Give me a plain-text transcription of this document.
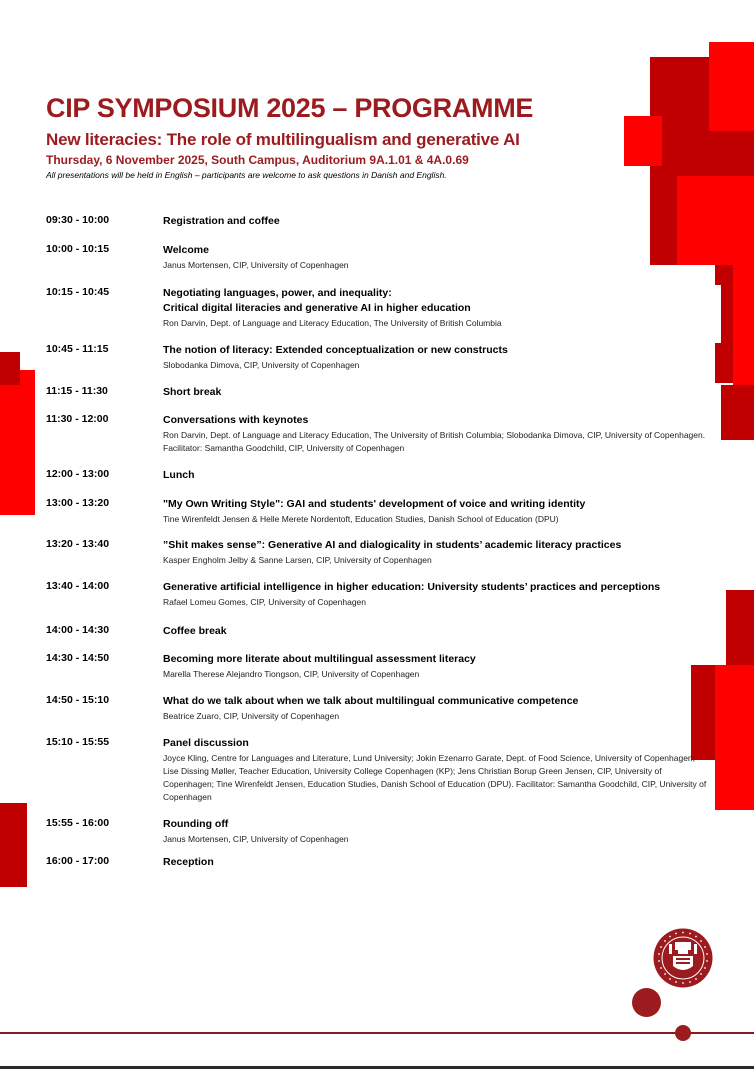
CIP SYMPOSIUM 2025 – PROGRAMME
New literacies: The role of multilingualism and generative AI
Thursday, 6 November 2025, South Campus, Auditorium 9A.1.01 & 4A.0.69
All presentations will be held in English – participants are welcome to ask questions in Danish and English.
09:30 - 10:00	Registration and coffee
10:00 - 10:15	Welcome
Janus Mortensen, CIP, University of Copenhagen
10:15 - 10:45	Negotiating languages, power, and inequality:
Critical digital literacies and generative AI in higher education
Ron Darvin, Dept. of Language and Literacy Education, The University of British Columbia
10:45 - 11:15	The notion of literacy: Extended conceptualization or new constructs
Slobodanka Dimova, CIP, University of Copenhagen
11:15 - 11:30	Short break
11:30 - 12:00	Conversations with keynotes
Ron Darvin, Dept. of Language and Literacy Education, The University of British Columbia; Slobodanka Dimova, CIP, University of Copenhagen. Facilitator: Samantha Goodchild, CIP, University of Copenhagen
12:00 - 13:00	Lunch
13:00 - 13:20	"My Own Writing Style": GAI and students' development of voice and writing identity
Tine Wirenfeldt Jensen & Helle Merete Nordentoft, Education Studies, Danish School of Education (DPU)
13:20 - 13:40	”Shit makes sense”: Generative AI and dialogicality in students’ academic literacy practices
Kasper Engholm Jelby & Sanne Larsen, CIP, University of Copenhagen
13:40 - 14:00	Generative artificial intelligence in higher education: University students’ practices and perceptions
Rafael Lomeu Gomes, CIP, University of Copenhagen
14:00 - 14:30	Coffee break
14:30 - 14:50	Becoming more literate about multilingual assessment literacy
Marella Therese Alejandro Tiongson, CIP, University of Copenhagen
14:50 - 15:10	What do we talk about when we talk about multilingual communicative competence
Beatrice Zuaro, CIP, University of Copenhagen
15:10 - 15:55	Panel discussion
Joyce Kling, Centre for Languages and Literature, Lund University; Jokin Ezenarro Garate, Dept. of Food Science, University of Copenhagen; Lise Dissing Møller, Teacher Education, University College Copenhagen (KP); Jens Christian Borup Green Jensen, CIP, University of Copenhagen; Tine Wirenfeldt Jensen, Education Studies, Danish School of Education (DPU). Facilitator: Samantha Goodchild, CIP, University of Copenhagen
15:55 - 16:00	Rounding off
Janus Mortensen, CIP, University of Copenhagen
16:00 - 17:00	Reception
